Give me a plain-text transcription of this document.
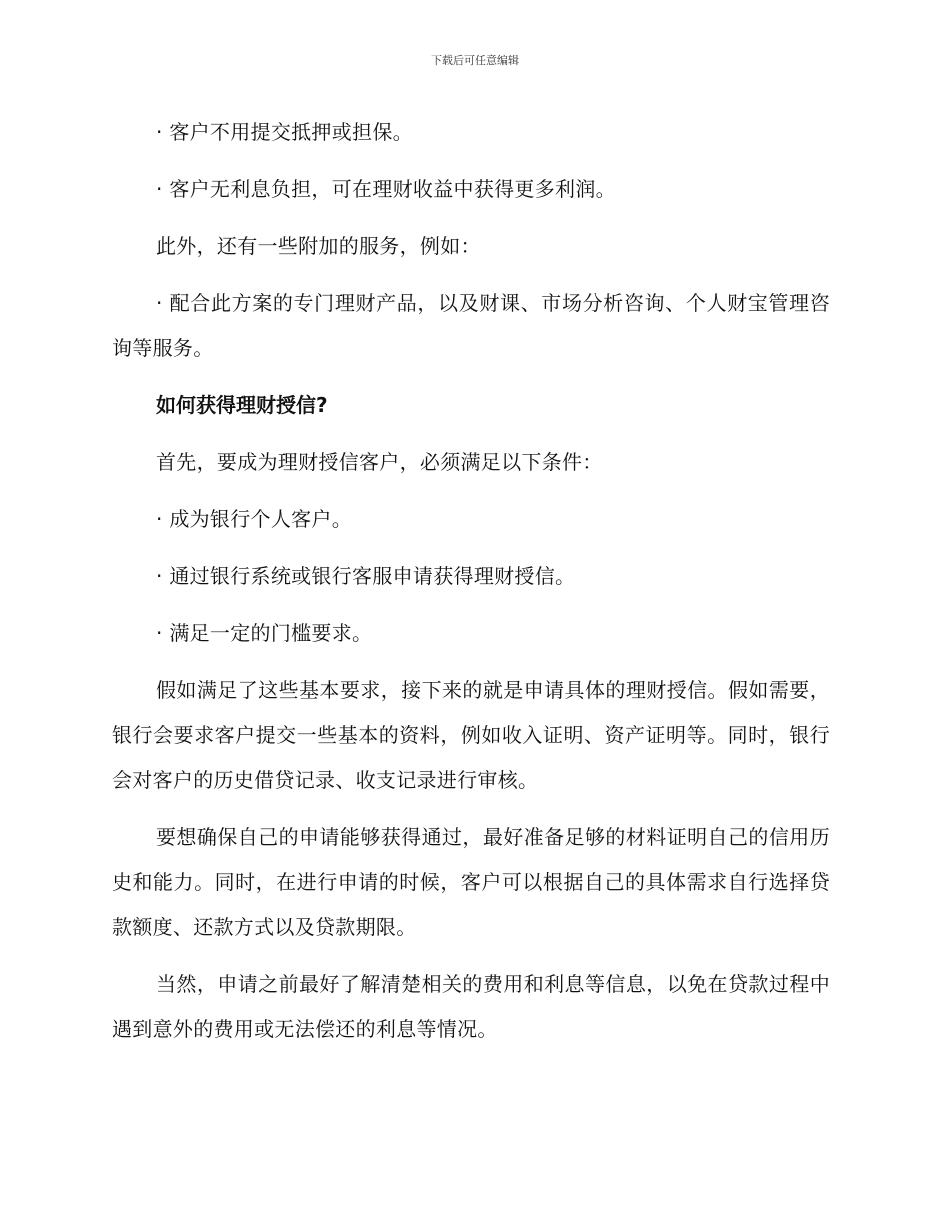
下载后可任意编辑

· 客户不用提交抵押或担保。

· 客户无利息负担，可在理财收益中获得更多利润。

此外，还有一些附加的服务，例如：

· 配合此方案的专门理财产品，以及财课、市场分析咨询、个人财宝管理咨询等服务。

如何获得理财授信?

首先，要成为理财授信客户，必须满足以下条件：

· 成为银行个人客户。

· 通过银行系统或银行客服申请获得理财授信。

· 满足一定的门槛要求。

假如满足了这些基本要求，接下来的就是申请具体的理财授信。假如需要，银行会要求客户提交一些基本的资料，例如收入证明、资产证明等。同时，银行会对客户的历史借贷记录、收支记录进行审核。

要想确保自己的申请能够获得通过，最好准备足够的材料证明自己的信用历史和能力。同时，在进行申请的时候，客户可以根据自己的具体需求自行选择贷款额度、还款方式以及贷款期限。

当然，申请之前最好了解清楚相关的费用和利息等信息，以免在贷款过程中遇到意外的费用或无法偿还的利息等情况。
